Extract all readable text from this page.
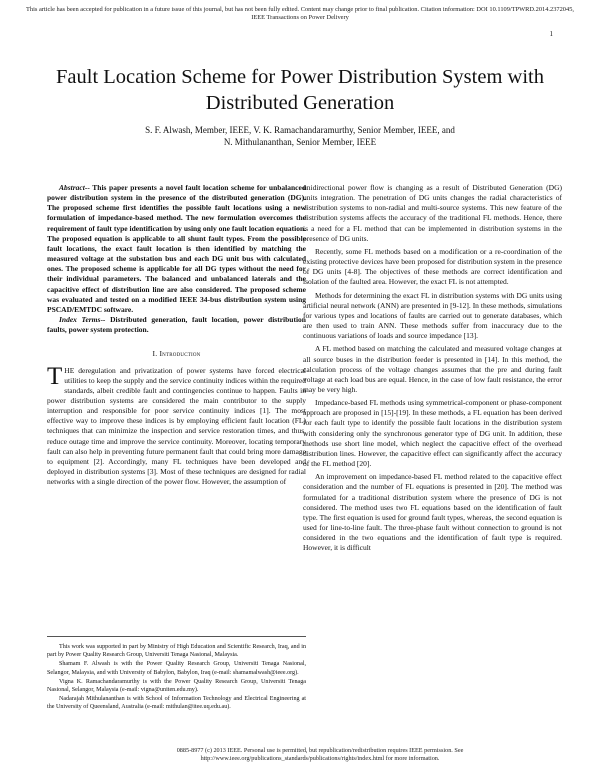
This article has been accepted for publication in a future issue of this journal, but has not been fully edited. Content may change prior to final publication. Citation information: DOI 10.1109/TPWRD.2014.2372045, IEEE Transactions on Power Delivery
1
Fault Location Scheme for Power Distribution System with Distributed Generation
S. F. Alwash, Member, IEEE, V. K. Ramachandaramurthy, Senior Member, IEEE, and
N. Mithulananthan, Senior Member, IEEE

Abstract-- This paper presents a novel fault location scheme for unbalanced power distribution system in the presence of the distributed generation (DG). The proposed scheme first identifies the possible fault locations using a new formulation of impedance-based method. The new formulation overcomes the requirement of fault type identification by using only one fault location equation. The proposed equation is applicable to all shunt fault types. From the possible fault locations, the exact fault location is then identified by matching the measured voltage at the substation bus and each DG unit bus with calculated ones. The proposed scheme is applicable for all DG types without the need for their individual parameters. The balanced and unbalanced laterals and the capacitive effect of distribution line are also considered. The proposed scheme was evaluated and tested on a modified IEEE 34-bus distribution system using PSCAD/EMTDC software.

Index Terms-- Distributed generation, fault location, power distribution faults, power system protection.

I. Introduction

THE deregulation and privatization of power systems have forced electrical utilities to keep the supply and the service continuity indices within the required standards, albeit credible fault and contingencies continue to happen. Faults in power distribution systems are considered the main contributor to the supply interruption and responsible for poor service continuity indices [1]. The most effective way to improve these indices is by employing efficient fault location (FL) techniques that can minimize the inspection and service restoration times, and thus, reduce outage time and improve the service continuity. Moreover, locating temporary fault can also help in preventing future permanent fault that could bring more damage to equipment [2]. Accordingly, many FL techniques have been developed and deployed in distribution systems [3]. Most of these techniques are designed for radial networks with a single direction of the power flow. However, the assumption of

unidirectional power flow is changing as a result of Distributed Generation (DG) units integration. The penetration of DG units changes the radial characteristics of distribution systems to non-radial and multi-source systems. This new feature of the distribution systems affects the accuracy of the traditional FL methods. Hence, there is a need for a FL method that can be implemented in distribution systems in the presence of DG units.

Recently, some FL methods based on a modification or a re-coordination of the existing protective devices have been proposed for distribution system in the presence of DG units [4-8]. The objectives of these methods are correct identification and isolation of the faulted area. However, the exact FL is not attempted.

Methods for determining the exact FL in distribution systems with DG units using artificial neural network (ANN) are presented in [9-12]. In these methods, simulations for various types and locations of faults are carried out to generate databases, which are then used to train ANN. These methods suffer from inaccuracy due to the continuous variations of loads and source impedance [13].

A FL method based on matching the calculated and measured voltage changes at all source buses in the distribution feeder is presented in [14]. In this method, the calculation process of the voltage changes assumes that the pre and during fault voltage at each load bus are equal. Hence, in the case of low fault resistance, the error may be very high.

Impedance-based FL methods using symmetrical-component or phase-component approach are proposed in [15]-[19]. In these methods, a FL equation has been derived for each fault type to identify the possible fault locations in the distribution system with considering only the synchronous generator type of DG unit. In addition, these methods use short line model, which neglect the capacitive effect of the overhead distribution lines. However, the capacitive effect can significantly affect the accuracy of the FL method [20].

An improvement on impedance-based FL method related to the capacitive effect consideration and the number of FL equations is presented in [20]. The method was formulated for a traditional distribution system where the presence of DG is not considered. The method uses two FL equations based on the identification of fault type. The first equation is used for ground fault types, whereas, the second equation is used for line-to-line fault. The three-phase fault without connection to ground is not considered in the two equations and the identification of fault type is required. However, it is difficult

This work was supported in part by Ministry of High Education and Scientific Research, Iraq, and in part by Power Quality Research Group, Universiti Tenaga Nasional, Malaysia.

Shamam F. Alwash is with the Power Quality Research Group, Universiti Tenaga Nasional, Selangor, Malaysia, and with University of Babylon, Babylon, Iraq (e-mail: shamamalwash@ieee.org).

Vigna K. Ramachandaramurthy is with the Power Quality Research Group, Universiti Tenaga Nasional, Selangor, Malaysia (e-mail: vigna@uniten.edu.my).

Nadarajah Mithulananthan is with School of Information Technology and Electrical Engineering at the University of Queensland, Australia (e-mail: mithulan@itee.uq.edu.au).

0885-8977 (c) 2013 IEEE. Personal use is permitted, but republication/redistribution requires IEEE permission. See
http://www.ieee.org/publications_standards/publications/rights/index.html for more information.
